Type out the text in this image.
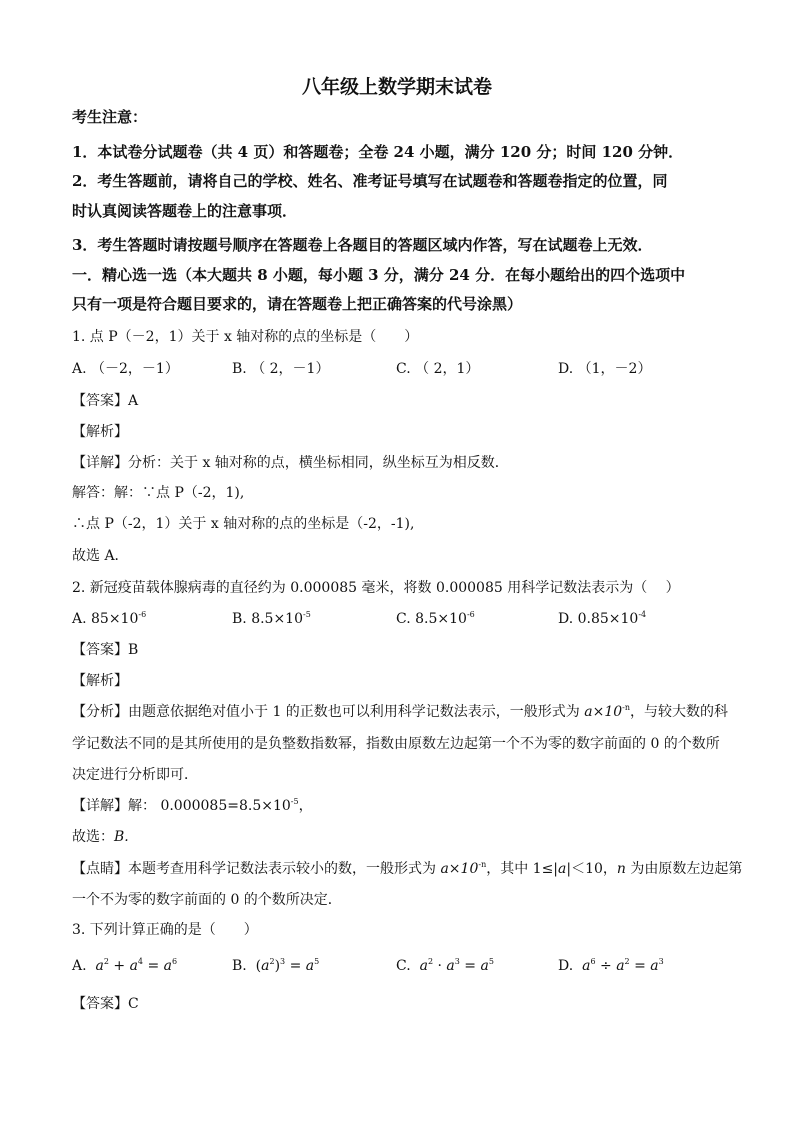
八年级上数学期末试卷
考生注意：
1．本试卷分试题卷（共 4 页）和答题卷；全卷 24 小题，满分 120 分；时间 120 分钟．
2．考生答题前，请将自己的学校、姓名、准考证号填写在试题卷和答题卷指定的位置，同
时认真阅读答题卷上的注意事项．
3．考生答题时请按题号顺序在答题卷上各题目的答题区域内作答，写在试题卷上无效．
一．精心选一选（本大题共 8 小题，每小题 3 分，满分 24 分．在每小题给出的四个选项中
只有一项是符合题目要求的，请在答题卷上把正确答案的代号涂黑）
1. 点 P（－2，1）关于 x 轴对称的点的坐标是（　　）
A. （－2，－1）	B. （ 2，－1）	C. （ 2，1）	D. （1，－2）
【答案】A
【解析】
【详解】分析：关于 x 轴对称的点，横坐标相同，纵坐标互为相反数．
解答：解：∵点 P（-2，1),
∴点 P（-2，1）关于 x 轴对称的点的坐标是（-2，-1),
故选 A．
2. 新冠疫苗载体腺病毒的直径约为 0.000085 毫米，将数 0.000085 用科学记数法表示为（　 ）
A. $85\times 10^{-6}$	B. $8.5\times 10^{-5}$	C. $8.5\times 10^{-6}$	D. $0.85\times 10^{-4}$
【答案】B
【解析】
【分析】由题意依据绝对值小于 1 的正数也可以利用科学记数法表示，一般形式为 $a\times 10^{-n}$，与较大数的科
学记数法不同的是其所使用的是负整数指数幂，指数由原数左边起第一个不为零的数字前面的 0 的个数所
决定进行分析即可．
【详解】解： $0.000085=8.5\times 10^{-5}$，
故选：B.
【点睛】本题考查用科学记数法表示较小的数，一般形式为 $a\times 10^{-n}$，其中 1≤|a|＜10，n 为由原数左边起第
一个不为零的数字前面的 0 的个数所决定．
3. 下列计算正确的是（　　）
A. $a^2 + a^4 = a^6$	B.  $(a^2)^3 = a^5$	C. $a^2 \cdot a^3 = a^5$	D. $a^6 \div a^2 = a^3$
【答案】C
